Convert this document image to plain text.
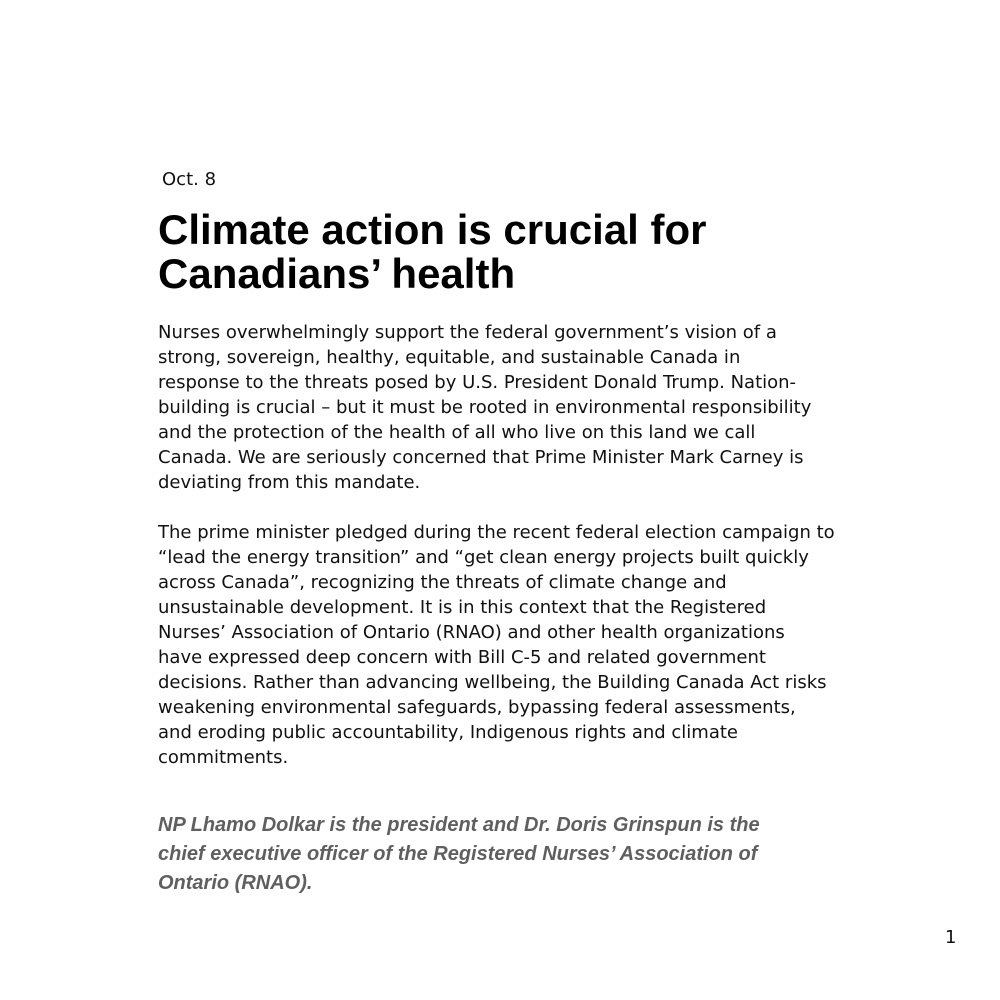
Oct. 8
Climate action is crucial for Canadians’ health

Nurses overwhelmingly support the federal government’s vision of a
strong, sovereign, healthy, equitable, and sustainable Canada in
response to the threats posed by U.S. President Donald Trump. Nation-
building is crucial – but it must be rooted in environmental responsibility
and the protection of the health of all who live on this land we call
Canada. We are seriously concerned that Prime Minister Mark Carney is
deviating from this mandate.

The prime minister pledged during the recent federal election campaign to
“lead the energy transition” and “get clean energy projects built quickly
across Canada”, recognizing the threats of climate change and
unsustainable development. It is in this context that the Registered
Nurses’ Association of Ontario (RNAO) and other health organizations
have expressed deep concern with Bill C-5 and related government
decisions. Rather than advancing wellbeing, the Building Canada Act risks
weakening environmental safeguards, bypassing federal assessments,
and eroding public accountability, Indigenous rights and climate
commitments.

NP Lhamo Dolkar is the president and Dr. Doris Grinspun is the
chief executive officer of the Registered Nurses’ Association of
Ontario (RNAO).

1
